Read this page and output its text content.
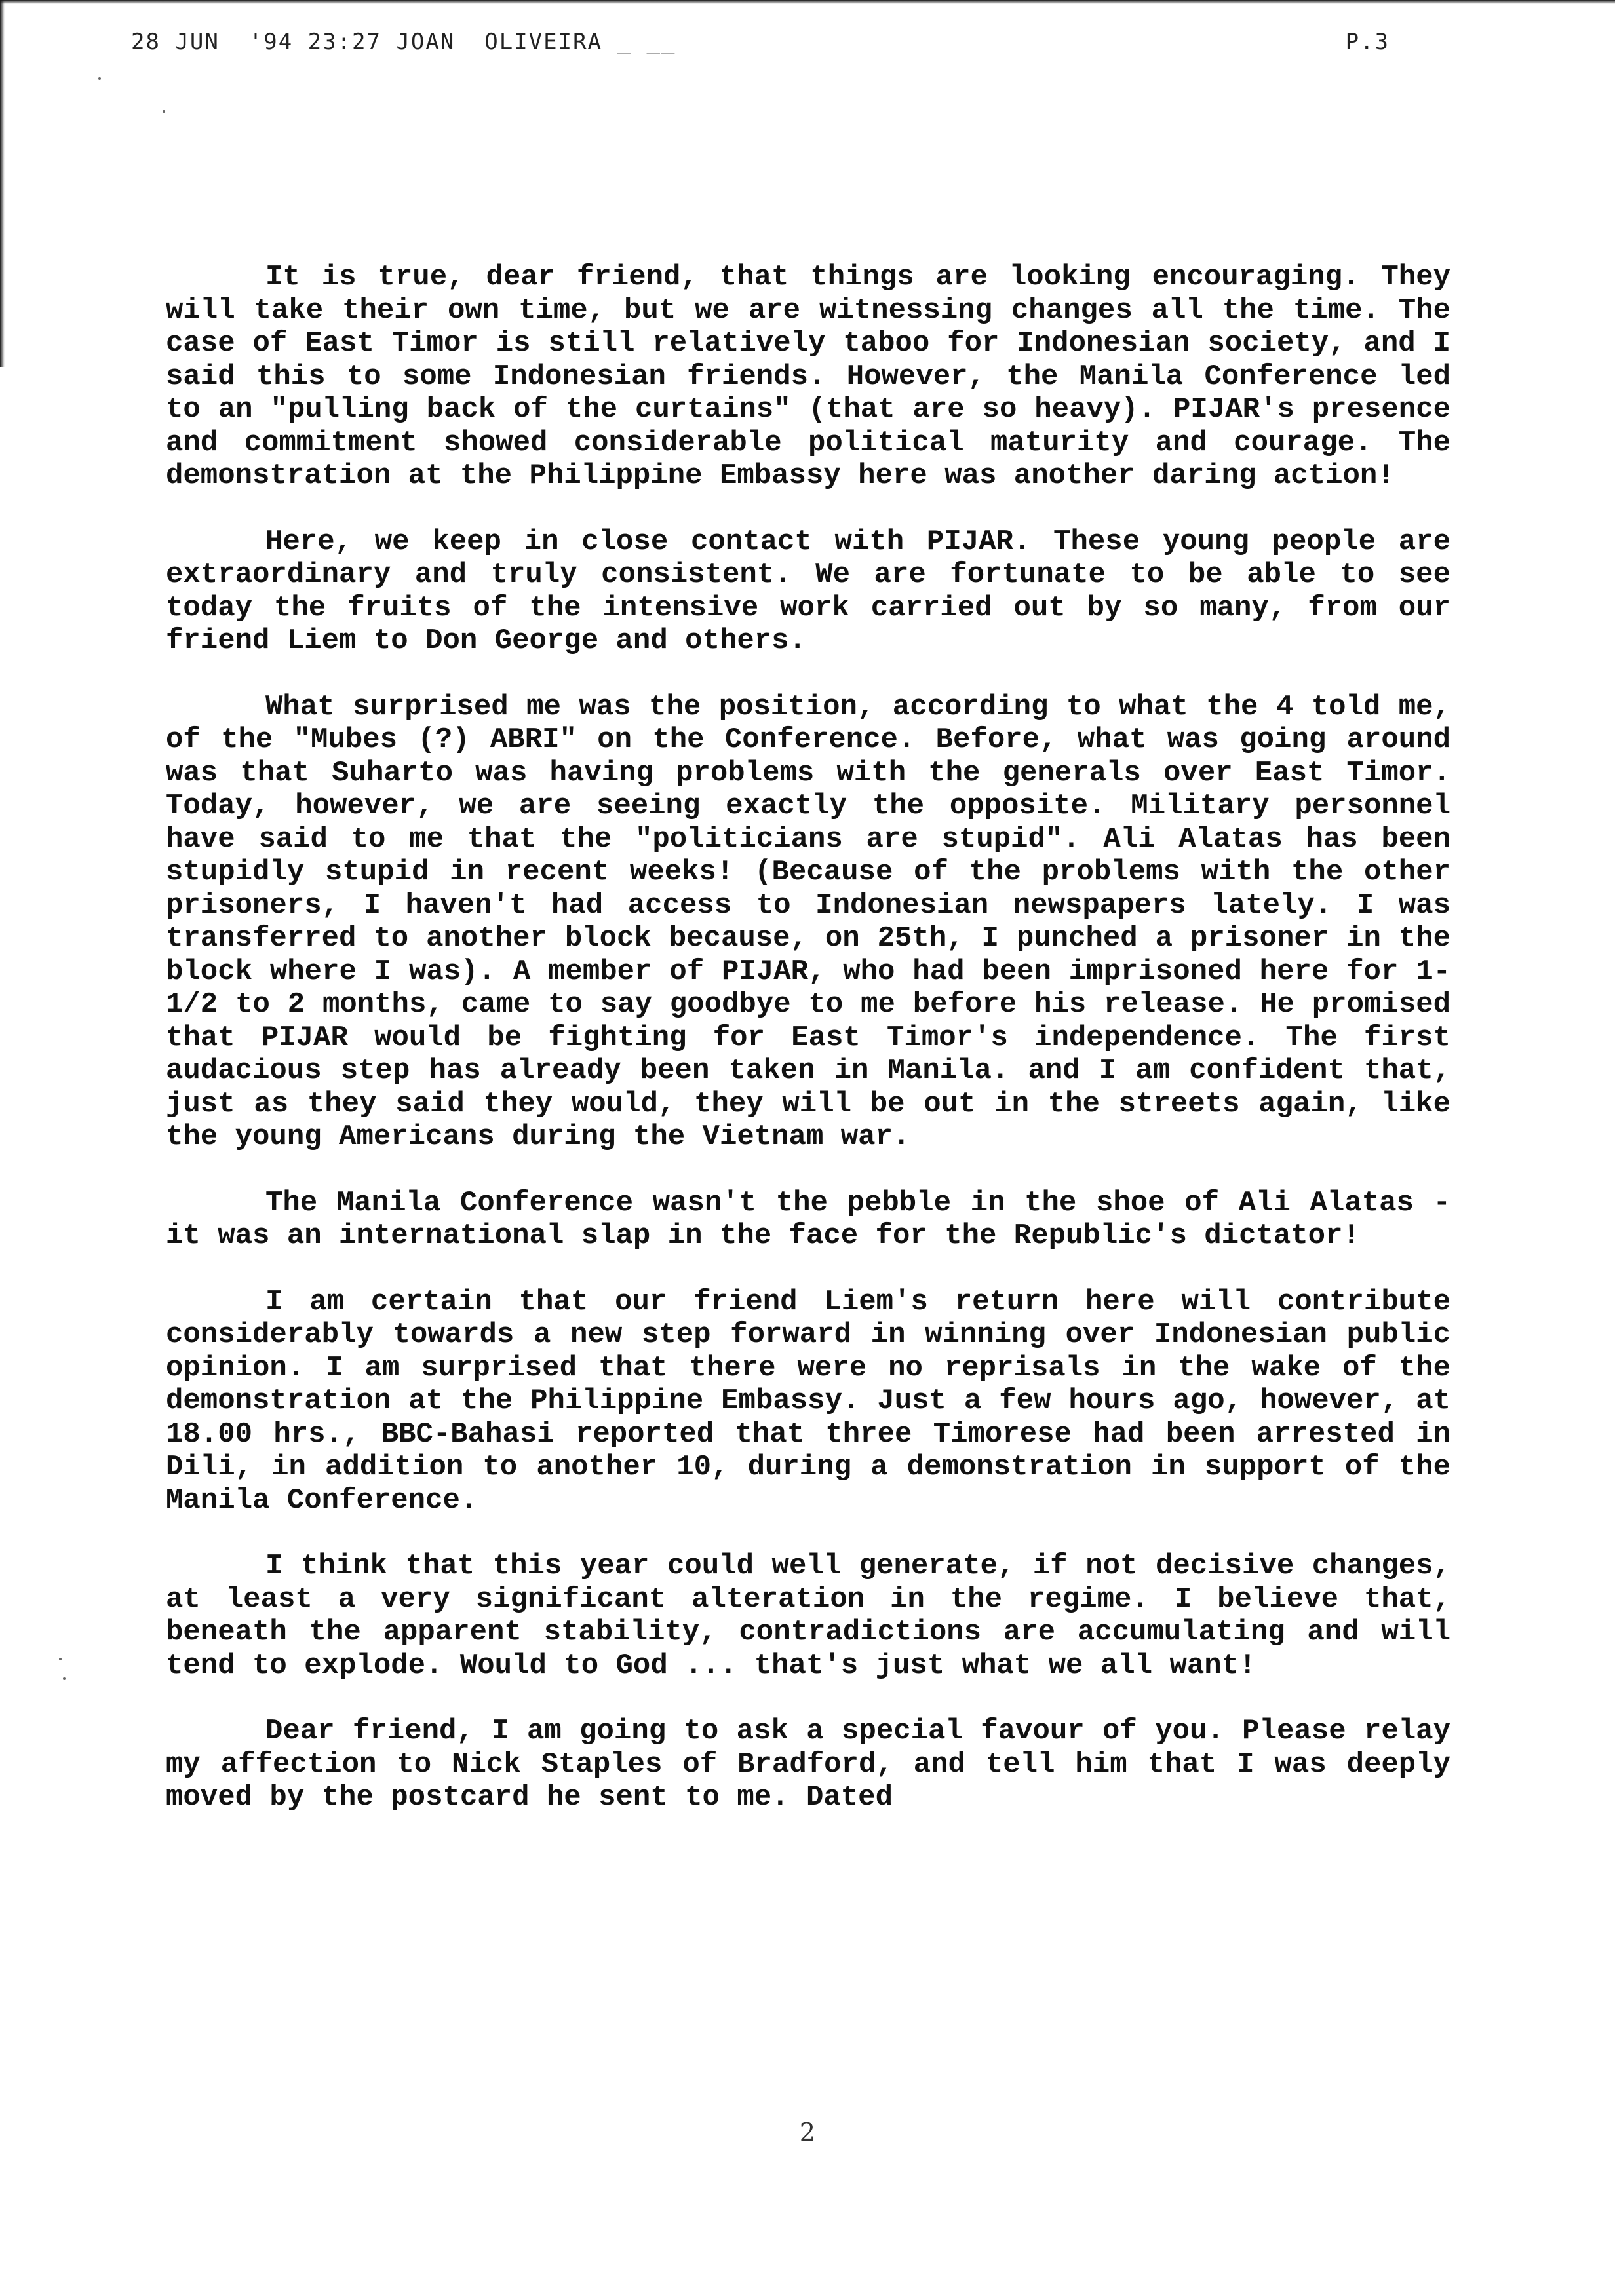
28 JUN  '94 23:27 JOAN  OLIVEIRA _ __	P.3

It is true, dear friend, that things are looking encouraging. They will take their own time, but we are witnessing changes all the time. The case of East Timor is still relatively taboo for Indonesian society, and I said this to some Indonesian friends. However, the Manila Conference led to an "pulling back of the curtains" (that are so heavy). PIJAR's presence and commitment showed considerable political maturity and courage. The demonstration at the Philippine Embassy here was another daring action!

Here, we keep in close contact with PIJAR. These young people are extraordinary and truly consistent. We are fortunate to be able to see today the fruits of the intensive work carried out by so many, from our friend Liem to Don George and others.

What surprised me was the position, according to what the 4 told me, of the "Mubes (?) ABRI" on the Conference. Before, what was going around was that Suharto was having problems with the generals over East Timor. Today, however, we are seeing exactly the opposite. Military personnel have said to me that the "politicians are stupid". Ali Alatas has been stupidly stupid in recent weeks! (Because of the problems with the other prisoners, I haven't had access to Indonesian newspapers lately. I was transferred to another block because, on 25th, I punched a prisoner in the block where I was). A member of PIJAR, who had been imprisoned here for 1-1/2 to 2 months, came to say goodbye to me before his release. He promised that PIJAR would be fighting for East Timor's independence. The first audacious step has already been taken in Manila. and I am confident that, just as they said they would, they will be out in the streets again, like the young Americans during the Vietnam war.

The Manila Conference wasn't the pebble in the shoe of Ali Alatas - it was an international slap in the face for the Republic's dictator!

I am certain that our friend Liem's return here will contribute considerably towards a new step forward in winning over Indonesian public opinion. I am surprised that there were no reprisals in the wake of the demonstration at the Philippine Embassy. Just a few hours ago, however, at 18.00 hrs., BBC-Bahasi reported that three Timorese had been arrested in Dili, in addition to another 10, during a demonstration in support of the Manila Conference.

I think that this year could well generate, if not decisive changes, at least a very significant alteration in the regime. I believe that, beneath the apparent stability, contradictions are accumulating and will tend to explode. Would to God ... that's just what we all want!

Dear friend, I am going to ask a special favour of you. Please relay my affection to Nick Staples of Bradford, and tell him that I was deeply moved by the postcard he sent to me. Dated

2
